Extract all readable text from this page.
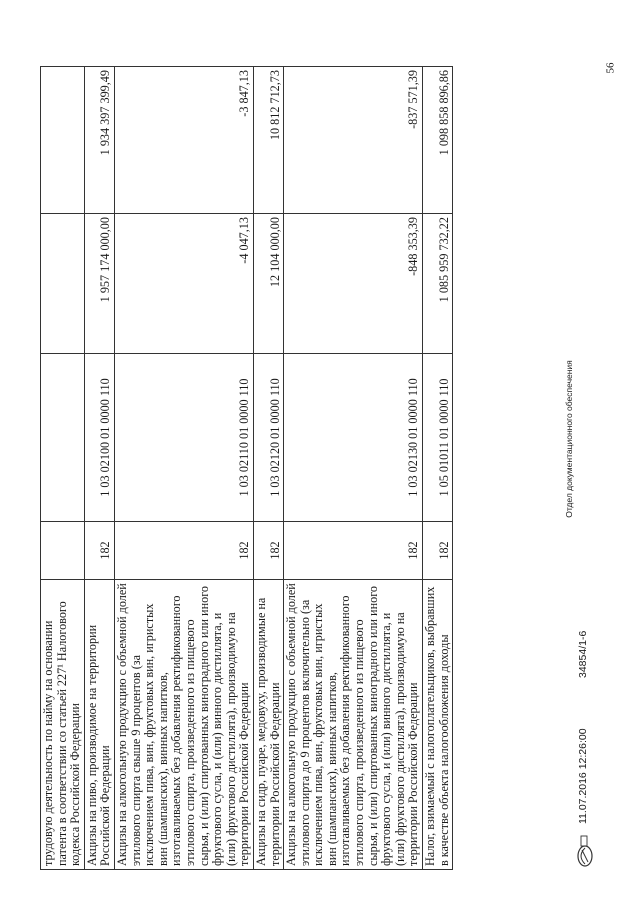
56
трудовую деятельность по найму на основании патента в соответствии со статьей 227¹ Налогового кодекса Российской Федерации				
Акцизы на пиво, производимое на территории Российской Федерации	182	1 03 02100 01 0000 110	1 957 174 000,00	1 934 397 399,49
Акцизы на алкогольную продукцию с объемной долей этилового спирта свыше 9 процентов (за исключением пива, вин, фруктовых вин, игристых вин (шампанских), винных напитков, изготавливаемых без добавления ректификованного этилового спирта, произведенного из пищевого сырья, и (или) спиртованных виноградного или иного фруктового сусла, и (или) винного дистиллята, и (или) фруктового дистиллята), производимую на территории Российской Федерации	182	1 03 02110 01 0000 110	-4 047,13	-3 847,13
Акцизы на сидр, пуаре, медовуху, производимые на территории Российской Федерации	182	1 03 02120 01 0000 110	12 104 000,00	10 812 712,73
Акцизы на алкогольную продукцию с объемной долей этилового спирта до 9 процентов включительно (за исключением пива, вин, фруктовых вин, игристых вин (шампанских), винных напитков, изготавливаемых без добавления ректификованного этилового спирта, произведенного из пищевого сырья, и (или) спиртованных виноградного или иного фруктового сусла, и (или) винного дистиллята, и (или) фруктового дистиллята), производимую на территории Российской Федерации	182	1 03 02130 01 0000 110	-848 353,39	-837 571,39
Налог, взимаемый с налогоплательщиков, выбравших в качестве объекта налогообложения доходы	182	1 05 01011 01 0000 110	1 085 959 732,22	1 098 858 896,86
11.07.2016 12:26:00
34854/1-6
Отдел документационного обеспечения
